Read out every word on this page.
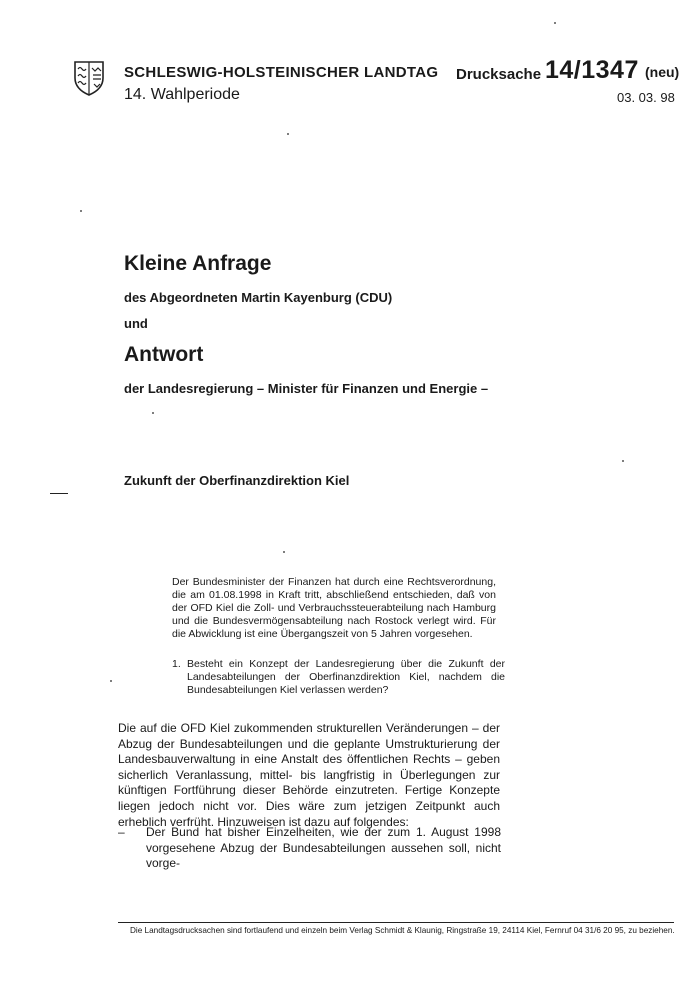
SCHLESWIG-HOLSTEINISCHER LANDTAG
14. Wahlperiode
Drucksache 14/1347 (neu)
03. 03. 98
Kleine Anfrage
des Abgeordneten Martin Kayenburg (CDU)
und
Antwort
der Landesregierung – Minister für Finanzen und Energie –
Zukunft der Oberfinanzdirektion Kiel
Der Bundesminister der Finanzen hat durch eine Rechtsverordnung, die am 01.08.1998 in Kraft tritt, abschließend entschieden, daß von der OFD Kiel die Zoll- und Verbrauchssteuerabteilung nach Hamburg und die Bundesvermögensabteilung nach Rostock verlegt wird. Für die Abwicklung ist eine Übergangszeit von 5 Jahren vorgesehen.
1. Besteht ein Konzept der Landesregierung über die Zukunft der Landesabteilungen der Oberfinanzdirektion Kiel, nachdem die Bundesabteilungen Kiel verlassen werden?
Die auf die OFD Kiel zukommenden strukturellen Veränderungen – der Abzug der Bundesabteilungen und die geplante Umstrukturierung der Landesbauverwaltung in eine Anstalt des öffentlichen Rechts – geben sicherlich Veranlassung, mittel- bis langfristig in Überlegungen zur künftigen Fortführung dieser Behörde einzutreten. Fertige Konzepte liegen jedoch nicht vor. Dies wäre zum jetzigen Zeitpunkt auch erheblich verfrüht. Hinzuweisen ist dazu auf folgendes:
– Der Bund hat bisher Einzelheiten, wie der zum 1. August 1998 vorgesehene Abzug der Bundesabteilungen aussehen soll, nicht vorge-
Die Landtagsdrucksachen sind fortlaufend und einzeln beim Verlag Schmidt & Klaunig, Ringstraße 19, 24114 Kiel, Fernruf 04 31/6 20 95, zu beziehen.
